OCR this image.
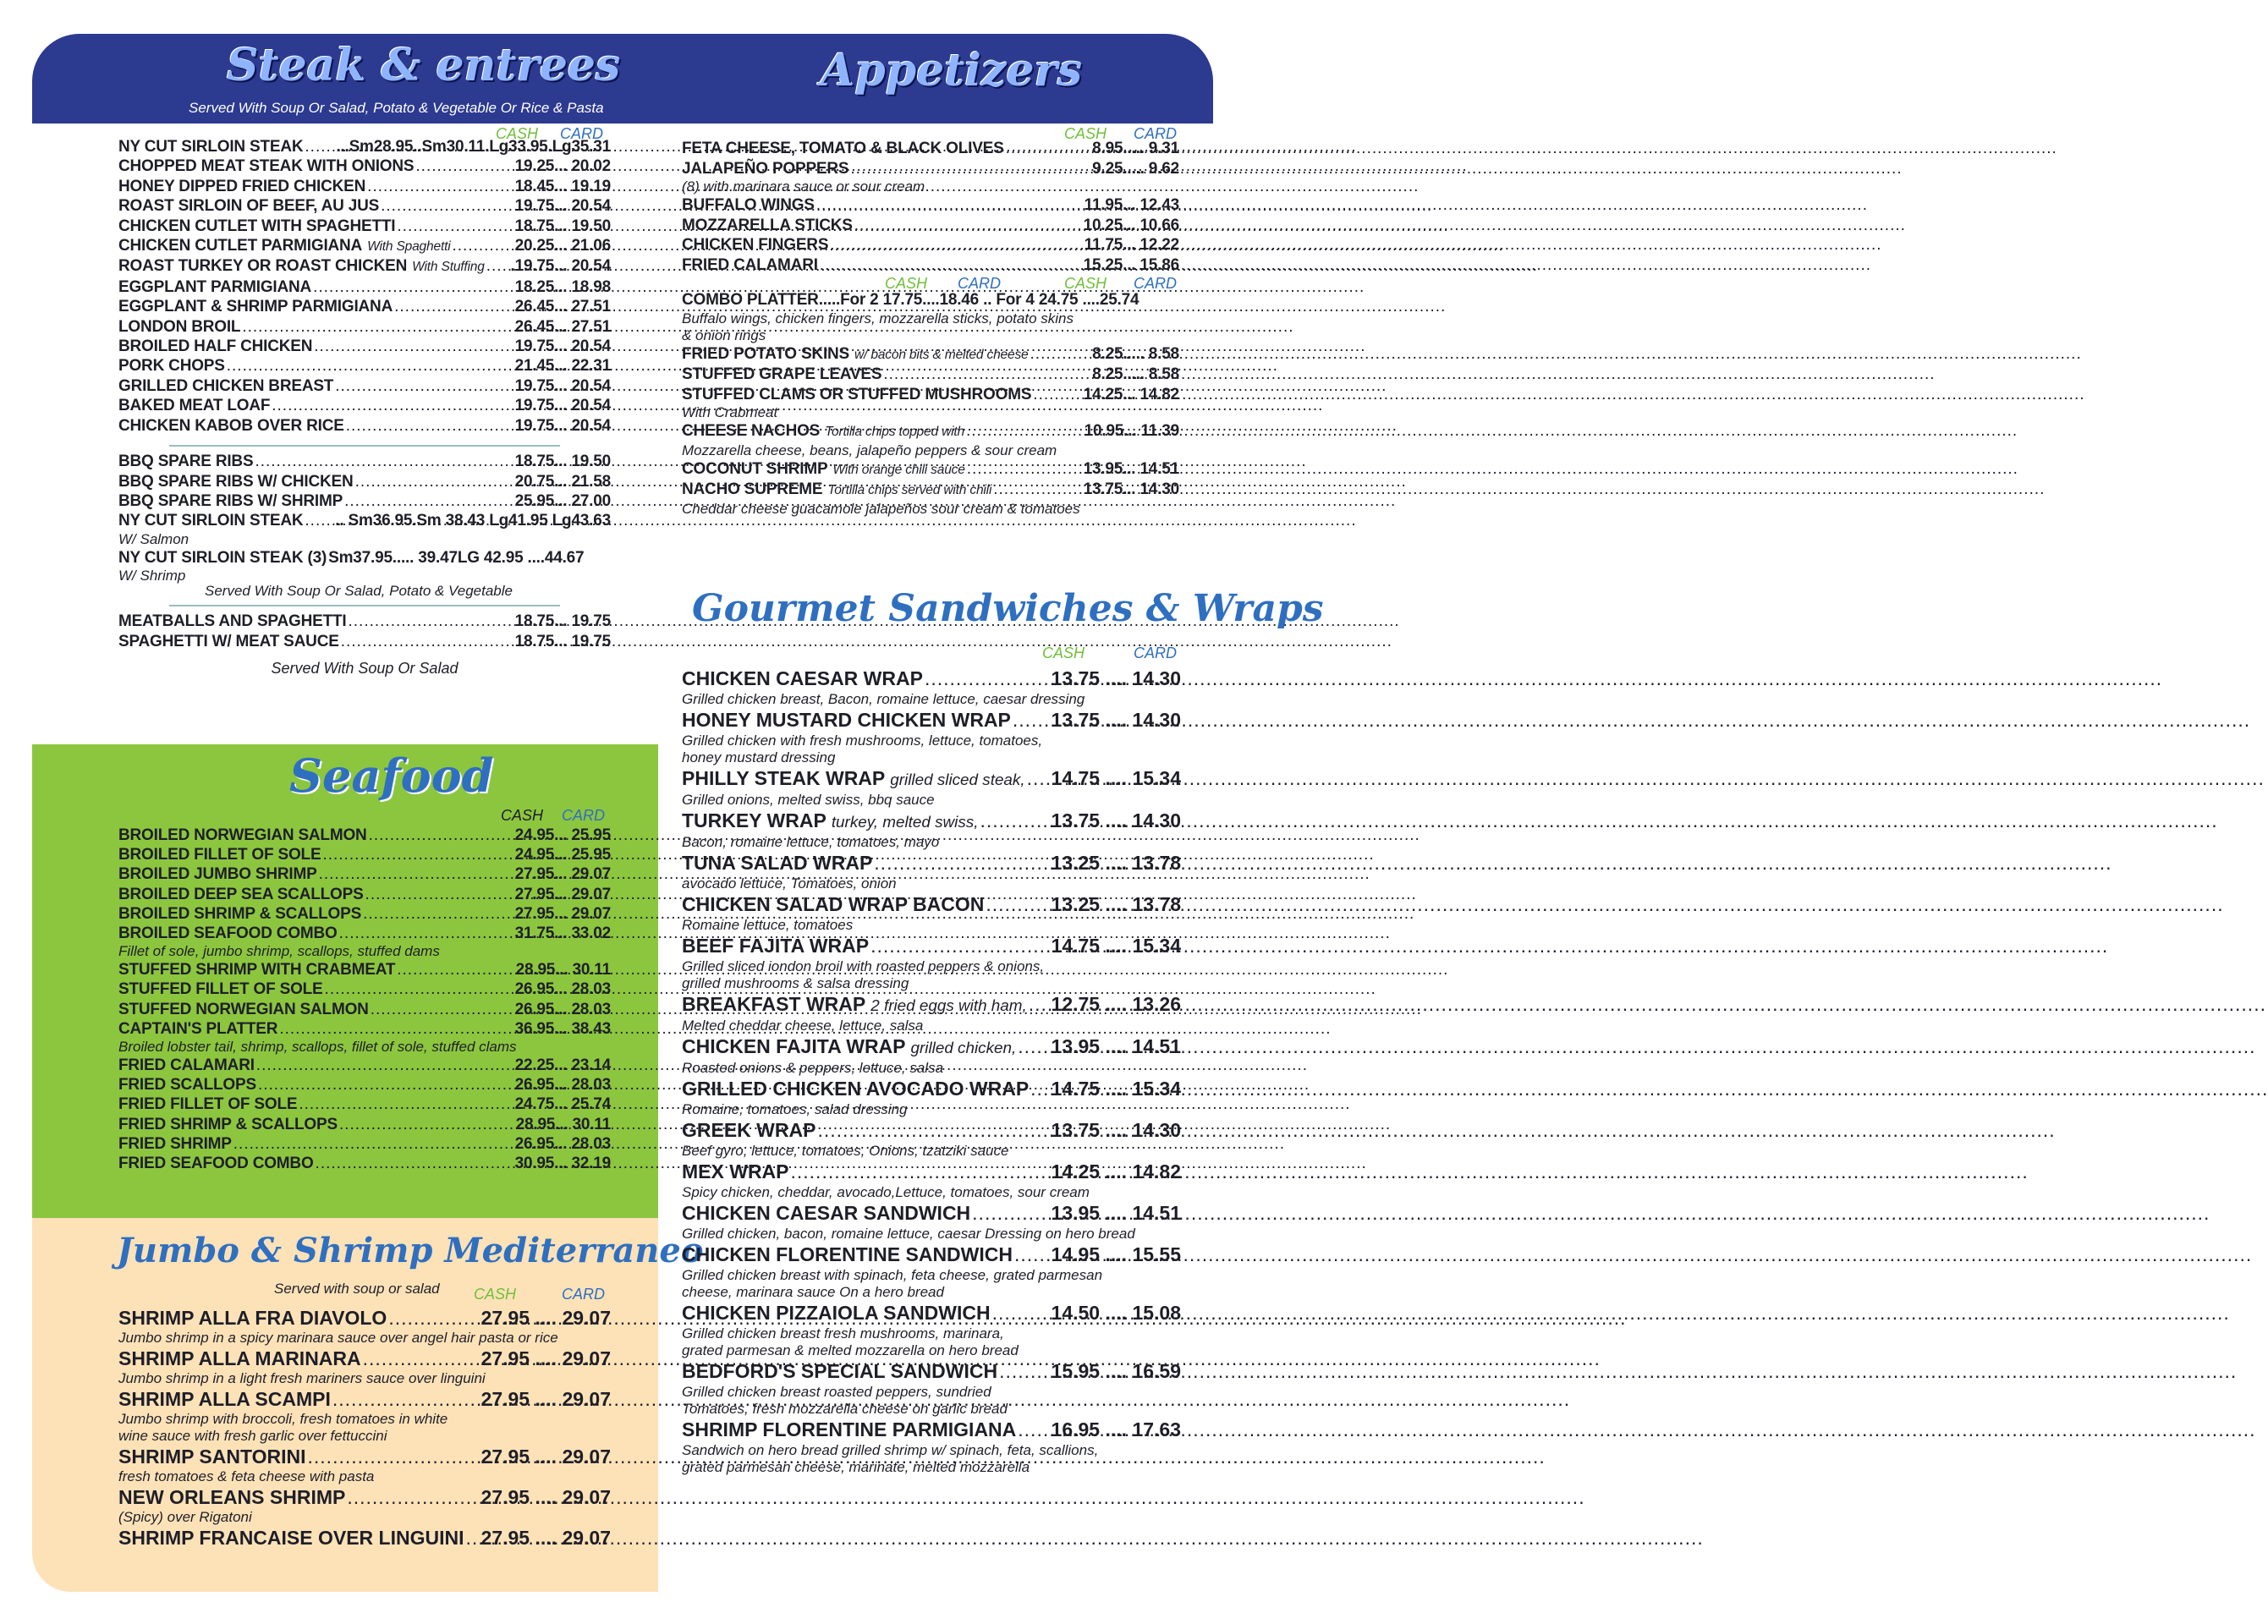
Steak & entrees
Served With Soup Or Salad, Potato & Vegetable Or Rice & Pasta
Appetizers
CASH CARD
NY CUT SIRLOIN STEAK ..... ...Sm28.95..Sm30.11.Lg33.95.Lg35.31
CHOPPED MEAT STEAK WITH ONIONS .....	19.25... 20.02
HONEY DIPPED FRIED CHICKEN .....	18.45... 19.19
ROAST SIRLOIN OF BEEF, AU JUS .....	19.75... 20.54
CHICKEN CUTLET WITH SPAGHETTI .....	18.75... 19.50
CHICKEN CUTLET PARMIGIANA With Spaghetti .....	20.25... 21.06
ROAST TURKEY OR ROAST CHICKEN With Stuffing ..... .19.75... 20.54
EGGPLANT PARMIGIANA .....	18.25... 18.98
EGGPLANT & SHRIMP PARMIGIANA .....	26.45... 27.51
LONDON BROIL .....	26.45... 27.51
BROILED HALF CHICKEN .....	19.75... 20.54
PORK CHOPS .....	21.45... 22.31
GRILLED CHICKEN BREAST .....	19.75... 20.54
BAKED MEAT LOAF .....	19.75... 20.54
CHICKEN KABOB OVER RICE .....	19.75... 20.54
BBQ SPARE RIBS .....	18.75... 19.50
BBQ SPARE RIBS W/ CHICKEN .....	20.75... 21.58
BBQ SPARE RIBS W/ SHRIMP .....	25.95... 27.00
NY CUT SIRLOIN STEAK ..... .. Sm36.95.Sm 38.43 Lg41.95 Lg43.63
W/ Salmon
NY CUT SIRLOIN STEAK (3) Sm37.95..... 39.47LG 42.95 ....44.67
W/ Shrimp
Served With Soup Or Salad, Potato & Vegetable
MEATBALLS AND SPAGHETTI .....	18.75... 19.75
SPAGHETTI W/ MEAT SAUCE .....	18.75... 19.75
Served With Soup Or Salad
CASH CARD
FETA CHEESE, TOMATO & BLACK OLIVES .....	8.95..... 9.31
JALAPEÑO POPPERS .....	9.25..... 9.62
(8) with marinara sauce or sour cream
BUFFALO WINGS .....	11.95... 12.43
MOZZARELLA STICKS .....	10.25... 10.66
CHICKEN FINGERS .....	11.75... 12.22
FRIED CALAMARI .....	15.25... 15.86
CASH CARD	CASH CARD
COMBO PLATTER .....For 2 17.75....18.46 .. For 4 24.75 ....25.74
Buffalo wings, chicken fingers, mozzarella sticks, potato skins
& onion rings
FRIED POTATO SKINS w/ bacon bits & melted cheese .....	8.25..... 8.58
STUFFED GRAPE LEAVES .....	8.25..... 8.58
STUFFED CLAMS OR STUFFED MUSHROOMS .....	14.25... 14.82
With Crabmeat
CHEESE NACHOS Tortilla chips topped with .....	10.95... 11.39
Mozzarella cheese, beans, jalapeño peppers & sour cream
COCONUT SHRIMP With orange chili sauce .....	13.95... 14.51
NACHO SUPREME Tortilla chips served with chili .....	13.75... 14.30
Cheddar cheese guacamole jalapeños sour cream & tomatoes
Seafood
CASH CARD
BROILED NORWEGIAN SALMON .....	24.95... 25.95
BROILED FILLET OF SOLE .....	24.95... 25.95
BROILED JUMBO SHRIMP .....	27.95... 29.07
BROILED DEEP SEA SCALLOPS .....	27.95... 29.07
BROILED SHRIMP & SCALLOPS .....	27.95... 29.07
BROILED SEAFOOD COMBO .....	31.75... 33.02
Fillet of sole, jumbo shrimp, scallops, stuffed dams
STUFFED SHRIMP WITH CRABMEAT .....	28.95... 30.11
STUFFED FILLET OF SOLE .....	26.95... 28.03
STUFFED NORWEGIAN SALMON .....	26.95... 28.03
CAPTAIN'S PLATTER .....	36.95... 38.43
Broiled lobster tail, shrimp, scallops, fillet of sole, stuffed clams
FRIED CALAMARI .....	22.25... 23.14
FRIED SCALLOPS .....	26.95... 28.03
FRIED FILLET OF SOLE .....	24.75... 25.74
FRIED SHRIMP & SCALLOPS .....	28.95... 30.11
FRIED SHRIMP .....	26.95... 28.03
FRIED SEAFOOD COMBO .....	30.95... 32.19
Jumbo & Shrimp Mediterraneo
Served with soup or salad CASH	CARD
SHRIMP ALLA FRA DIAVOLO .....	27.95 .... 29.07
Jumbo shrimp in a spicy marinara sauce over angel hair pasta or rice
SHRIMP ALLA MARINARA .....	27.95 .... 29.07
Jumbo shrimp in a light fresh mariners sauce over linguini
SHRIMP ALLA SCAMPI .....	27.95 .... 29.07
Jumbo shrimp with broccoli, fresh tomatoes in white
wine sauce with fresh garlic over fettuccini
SHRIMP SANTORINI .....	27.95 .... 29.07
fresh tomatoes & feta cheese with pasta
NEW ORLEANS SHRIMP .....	27.95 .... 29.07
(Spicy) over Rigatoni
SHRIMP FRANCAISE OVER LINGUINI ..... 27.95 .... 29.07
Gourmet Sandwiches & Wraps
CASH	CARD
CHICKEN CAESAR WRAP .....	13.75 .... 14.30
Grilled chicken breast, Bacon, romaine lettuce, caesar dressing
HONEY MUSTARD CHICKEN WRAP ..... 13.75 .... 14.30
Grilled chicken with fresh mushrooms, lettuce, tomatoes,
honey mustard dressing
PHILLY STEAK WRAP grilled sliced steak, ..... 14.75 .... 15.34
Grilled onions, melted swiss, bbq sauce
TURKEY WRAP turkey, melted swiss, .....	13.75 .... 14.30
Bacon, romaine lettuce, tomatoes, mayo
TUNA SALAD WRAP .....	13.25 .... 13.78
avocado lettuce, Tomatoes, onion
CHICKEN SALAD WRAP BACON .....	13.25 .... 13.78
Romaine lettuce, tomatoes
BEEF FAJITA WRAP .....	14.75 .... 15.34
Grilled sliced iondon broil with roasted peppers & onions,
grilled mushrooms & salsa dressing
BREAKFAST WRAP 2 fried eggs with ham, ..... 12.75 .... 13.26
Melted cheddar cheese, lettuce, salsa
CHICKEN FAJITA WRAP grilled chicken, ..... 13.95 .... 14.51
Roasted onions & peppers, lettuce, salsa
GRILLED CHICKEN AVOCADO WRAP ..... 14.75 .... 15.34
Romaine, tomatoes, salad dressing
GREEK WRAP .....	13.75 .... 14.30
Beef gyro, lettuce, tomatoes, Onions, tzatziki sauce
MEX WRAP .....	14.25 .... 14.82
Spicy chicken, cheddar, avocado,Lettuce, tomatoes, sour cream
CHICKEN CAESAR SANDWICH .....	13.95 .... 14.51
Grilled chicken, bacon, romaine lettuce, caesar Dressing on hero bread
CHICKEN FLORENTINE SANDWICH ..... 14.95 .... 15.55
Grilled chicken breast with spinach, feta cheese, grated parmesan
cheese, marinara sauce On a hero bread
CHICKEN PIZZAIOLA SANDWICH .....	14.50 .... 15.08
Grilled chicken breast fresh mushrooms, marinara,
grated parmesan & melted mozzarella on hero bread
BEDFORD'S SPECIAL SANDWICH .....	15.95 .... 16.59
Grilled chicken breast roasted peppers, sundried
Tomatoes, fresh mozzarella cheese on garlic bread
SHRIMP FLORENTINE PARMIGIANA ..... 16.95 .... 17.63
Sandwich on hero bread grilled shrimp w/ spinach, feta, scallions,
grated parmesan cheese, marinate, melted mozzarella
